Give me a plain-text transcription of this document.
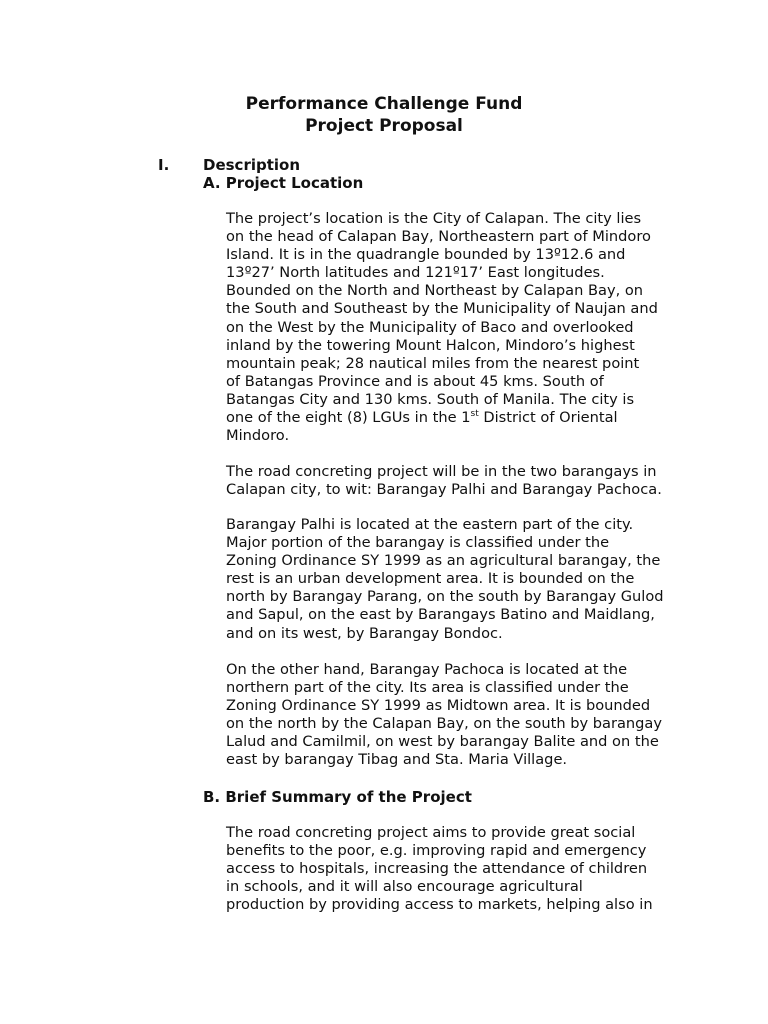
Performance Challenge Fund
Project Proposal
I. Description
A. Project Location
The project’s location is the City of Calapan. The city lies
on the head of Calapan Bay, Northeastern part of Mindoro
Island. It is in the quadrangle bounded by 13º12.6 and
13º27’ North latitudes and 121º17’ East longitudes.
Bounded on the North and Northeast by Calapan Bay, on
the South and Southeast by the Municipality of Naujan and
on the West by the Municipality of Baco and overlooked
inland by the towering Mount Halcon, Mindoro’s highest
mountain peak; 28 nautical miles from the nearest point
of Batangas Province and is about 45 kms. South of
Batangas City and 130 kms. South of Manila. The city is
one of the eight (8) LGUs in the 1st District of Oriental
Mindoro.
The road concreting project will be in the two barangays in
Calapan city, to wit: Barangay Palhi and Barangay Pachoca.
Barangay Palhi is located at the eastern part of the city.
Major portion of the barangay is classified under the
Zoning Ordinance SY 1999 as an agricultural barangay, the
rest is an urban development area. It is bounded on the
north by Barangay Parang, on the south by Barangay Gulod
and Sapul, on the east by Barangays Batino and Maidlang,
and on its west, by Barangay Bondoc.
On the other hand, Barangay Pachoca is located at the
northern part of the city. Its area is classified under the
Zoning Ordinance SY 1999 as Midtown area. It is bounded
on the north by the Calapan Bay, on the south by barangay
Lalud and Camilmil, on west by barangay Balite and on the
east by barangay Tibag and Sta. Maria Village.
B. Brief Summary of the Project
The road concreting project aims to provide great social
benefits to the poor, e.g. improving rapid and emergency
access to hospitals, increasing the attendance of children
in schools, and it will also encourage agricultural
production by providing access to markets, helping also in
